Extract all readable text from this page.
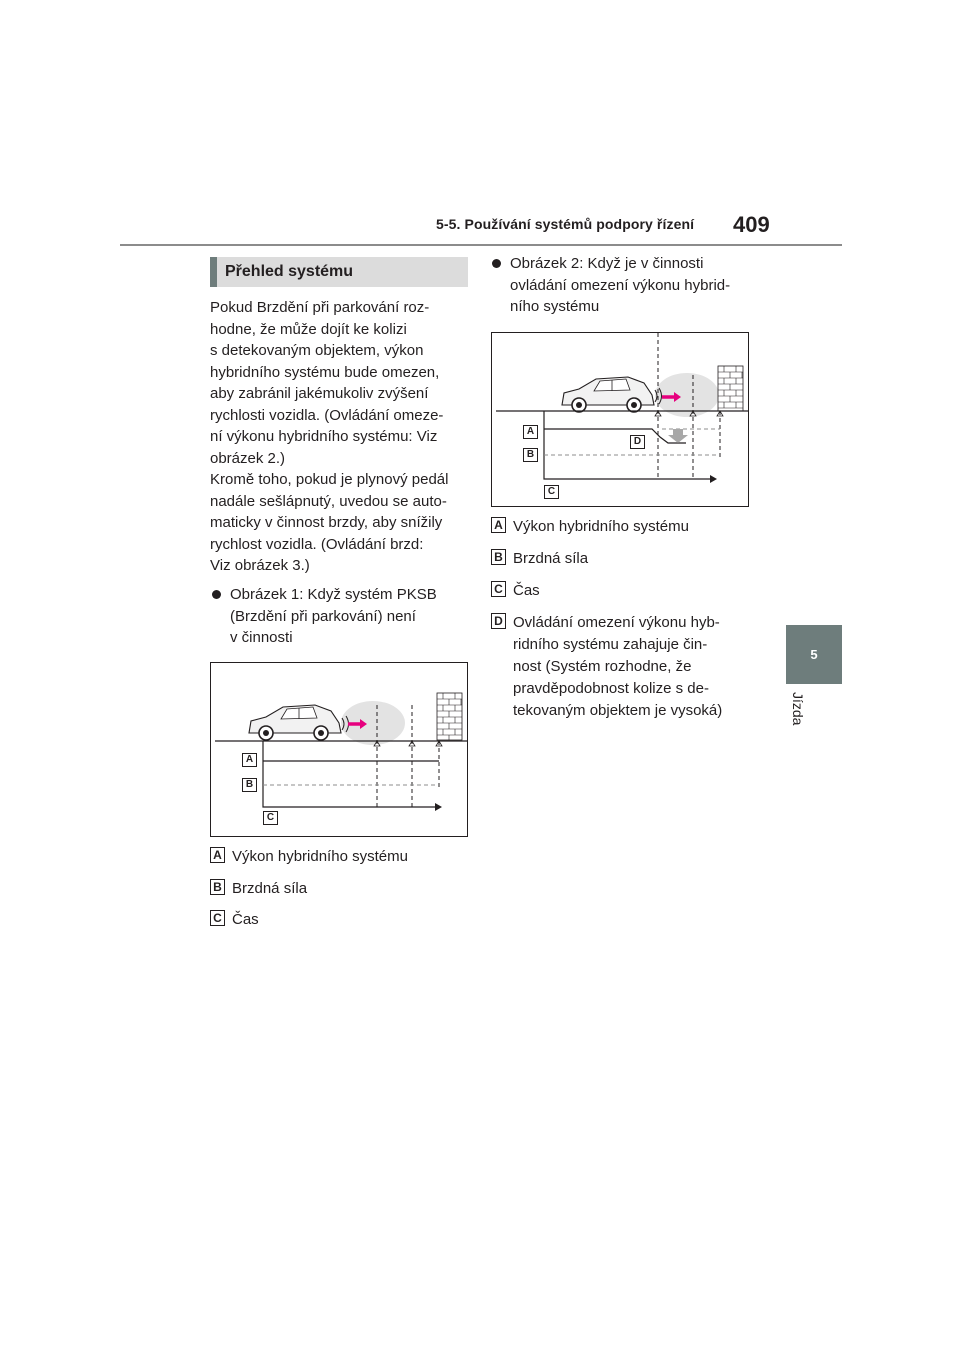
5-5. Používání systémů podpory řízení 409
5
Jízda
Přehled systému
Pokud Brzdění při parkování roz-
hodne, že může dojít ke kolizi
s detekovaným objektem, výkon
hybridního systému bude omezen,
aby zabránil jakémukoliv zvýšení
rychlosti vozidla. (Ovládání omeze-
ní výkonu hybridního systému: Viz
obrázek 2.)
Kromě toho, pokud je plynový pedál
nadále sešlápnutý, uvedou se auto-
maticky v činnost brzdy, aby snížily
rychlost vozidla. (Ovládání brzd:
Viz obrázek 3.)
Obrázek 1: Když systém PKSB
(Brzdění při parkování) není
v činnosti
A
B
C
A Výkon hybridního systému
B Brzdná síla
C Čas
Obrázek 2: Když je v činnosti
ovládání omezení výkonu hybrid-
ního systému
A
B
C
D
A Výkon hybridního systému
B Brzdná síla
C Čas
D Ovládání omezení výkonu hyb-
ridního systému zahajuje čin-
nost (Systém rozhodne, že
pravděpodobnost kolize s de-
tekovaným objektem je vysoká)
